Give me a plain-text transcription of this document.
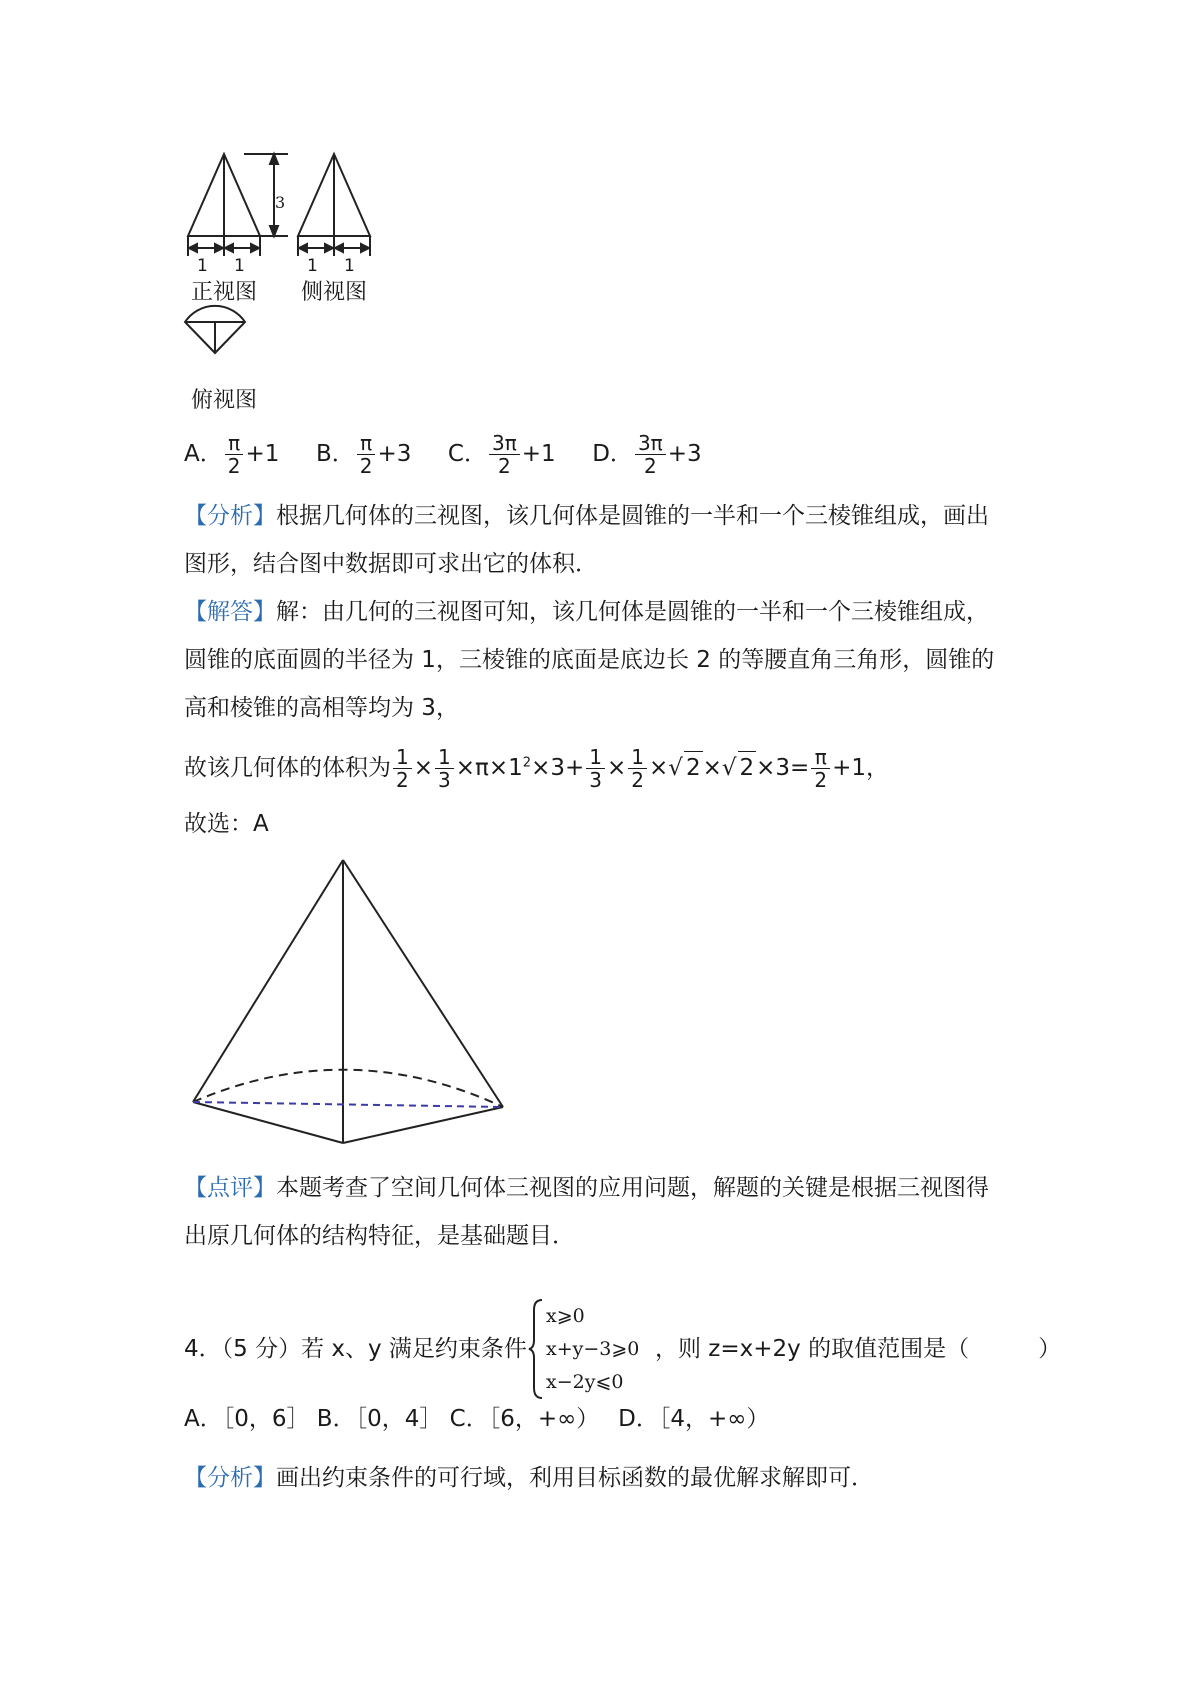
3
1 1	1 1
正视图 侧视图
俯视图
A． $\frac{\pi}{2} +1$ B． $\frac{\pi}{2} +3$ C． $\frac{3\pi}{2} +1$ D． $\frac{3\pi}{2} +3$
【分析】根据几何体的三视图，该几何体是圆锥的一半和一个三棱锥组成，画出
图形，结合图中数据即可求出它的体积．
【解答】解：由几何的三视图可知，该几何体是圆锥的一半和一个三棱锥组成，
圆锥的底面圆的半径为 1，三棱锥的底面是底边长 2 的等腰直角三角形，圆锥的
高和棱锥的高相等均为 3，
故该几何体的体积为 $\frac{1}{2} \times \frac{1}{3} \times\pi\times 1^2\times 3+ \frac{1}{3} \times \frac{1}{2}$ ×√ 2×√ $2\times 3= \frac{\pi}{2} +1$，
故选：A
【点评】本题考查了空间几何体三视图的应用问题，解题的关键是根据三视图得
出原几何体的结构特征，是基础题目．
4．（5 分）若 x、y 满足约束条件
x⩾0
x+y−3⩾0
x−2y⩽0
，则 z=x+2y 的取值范围是（　　　）
A．［0，6］ B．［0，4］ C．［6，+∞）　 D．［4，+∞）
【分析】画出约束条件的可行域，利用目标函数的最优解求解即可．
